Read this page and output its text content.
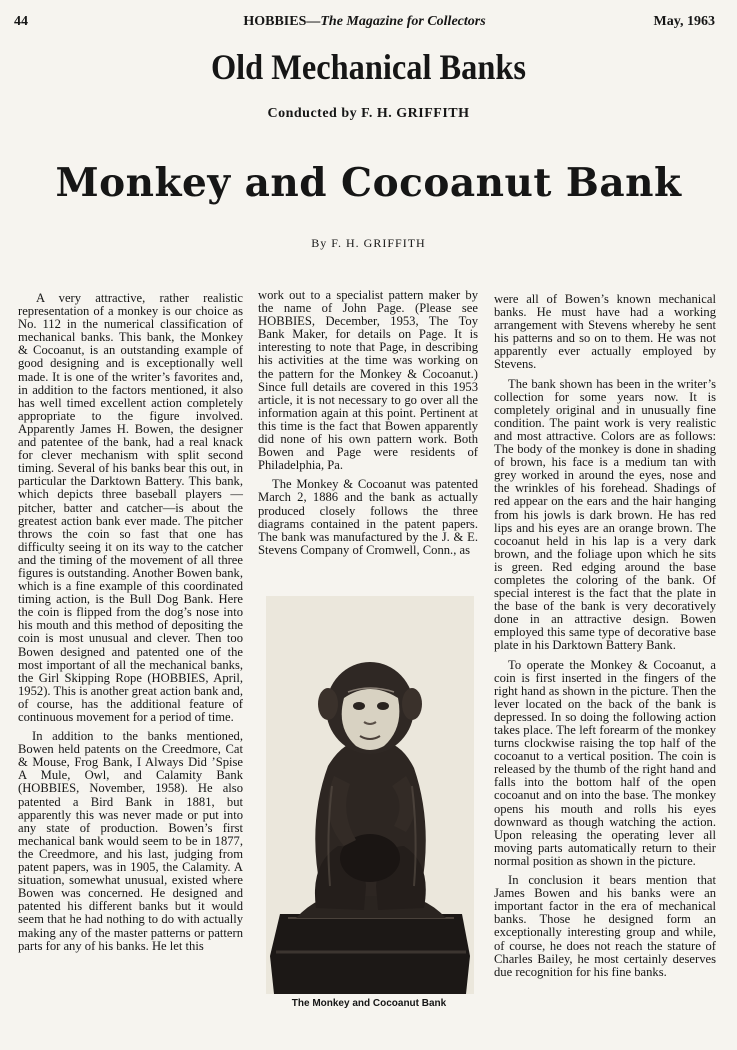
44	HOBBIES—The Magazine for Collectors	May, 1963
Old Mechanical Banks
Conducted by F. H. GRIFFITH
Monkey and Cocoanut Bank
By F. H. GRIFFITH

A very attractive, rather realistic representation of a monkey is our choice as No. 112 in the numerical classification of mechanical banks. This bank, the Monkey & Cocoanut, is an outstanding example of good designing and is exceptionally well made. It is one of the writer’s favorites and, in addition to the factors mentioned, it also has well timed excellent action completely appropriate to the figure involved. Apparently James H. Bowen, the designer and patentee of the bank, had a real knack for clever mechanism with split second timing. Several of his banks bear this out, in particular the Darktown Battery. This bank, which depicts three baseball players — pitcher, batter and catcher—is about the greatest action bank ever made. The pitcher throws the coin so fast that one has difficulty seeing it on its way to the catcher and the timing of the movement of all three figures is outstanding. Another Bowen bank, which is a fine example of this coordinated timing action, is the Bull Dog Bank. Here the coin is flipped from the dog’s nose into his mouth and this method of depositing the coin is most unusual and clever. Then too Bowen designed and patented one of the most important of all the mechanical banks, the Girl Skipping Rope (HOBBIES, April, 1952). This is another great action bank and, of course, has the additional feature of continuous movement for a period of time.

In addition to the banks mentioned, Bowen held patents on the Creedmore, Cat & Mouse, Frog Bank, I Always Did ’Spise A Mule, Owl, and Calamity Bank (HOBBIES, November, 1958). He also patented a Bird Bank in 1881, but apparently this was never made or put into any state of production. Bowen’s first mechanical bank would seem to be in 1877, the Creedmore, and his last, judging from patent papers, was in 1905, the Calamity. A situation, somewhat unusual, existed where Bowen was concerned. He designed and patented his different banks but it would seem that he had nothing to do with actually making any of the master patterns or pattern parts for any of his banks. He let this

work out to a specialist pattern maker by the name of John Page. (Please see HOBBIES, December, 1953, The Toy Bank Maker, for details on Page. It is interesting to note that Page, in describing his activities at the time was working on the pattern for the Monkey & Cocoanut.) Since full details are covered in this 1953 article, it is not necessary to go over all the information again at this point. Pertinent at this time is the fact that Bowen apparently did none of his own pattern work. Both Bowen and Page were residents of Philadelphia, Pa.

The Monkey & Cocoanut was patented March 2, 1886 and the bank as actually produced closely follows the three diagrams contained in the patent papers. The bank was manufactured by the J. & E. Stevens Company of Cromwell, Conn., as

were all of Bowen’s known mechanical banks. He must have had a working arrangement with Stevens whereby he sent his patterns and so on to them. He was not apparently ever actually employed by Stevens.

The bank shown has been in the writer’s collection for some years now. It is completely original and in unusually fine condition. The paint work is very realistic and most attractive. Colors are as follows: The body of the monkey is done in shading of brown, his face is a medium tan with grey worked in around the eyes, nose and the wrinkles of his forehead. Shadings of red appear on the ears and the hair hanging from his jowls is dark brown. He has red lips and his eyes are an orange brown. The cocoanut held in his lap is a very dark brown, and the foliage upon which he sits is green. Red edging around the base completes the coloring of the bank. Of special interest is the fact that the plate in the base of the bank is very decoratively done in an attractive design. Bowen employed this same type of decorative base plate in his Darktown Battery Bank.

To operate the Monkey & Cocoanut, a coin is first inserted in the fingers of the right hand as shown in the picture. Then the lever located on the back of the bank is depressed. In so doing the following action takes place. The left forearm of the monkey turns clockwise raising the top half of the cocoanut to a vertical position. The coin is released by the thumb of the right hand and falls into the bottom half of the open cocoanut and on into the base. The monkey opens his mouth and rolls his eyes downward as though watching the action. Upon releasing the operating lever all moving parts automatically return to their normal position as shown in the picture.

In conclusion it bears mention that James Bowen and his banks were an important factor in the era of mechanical banks. Those he designed form an exceptionally interesting group and while, of course, he does not reach the stature of Charles Bailey, he most certainly deserves due recognition for his fine banks.

The Monkey and Cocoanut Bank
